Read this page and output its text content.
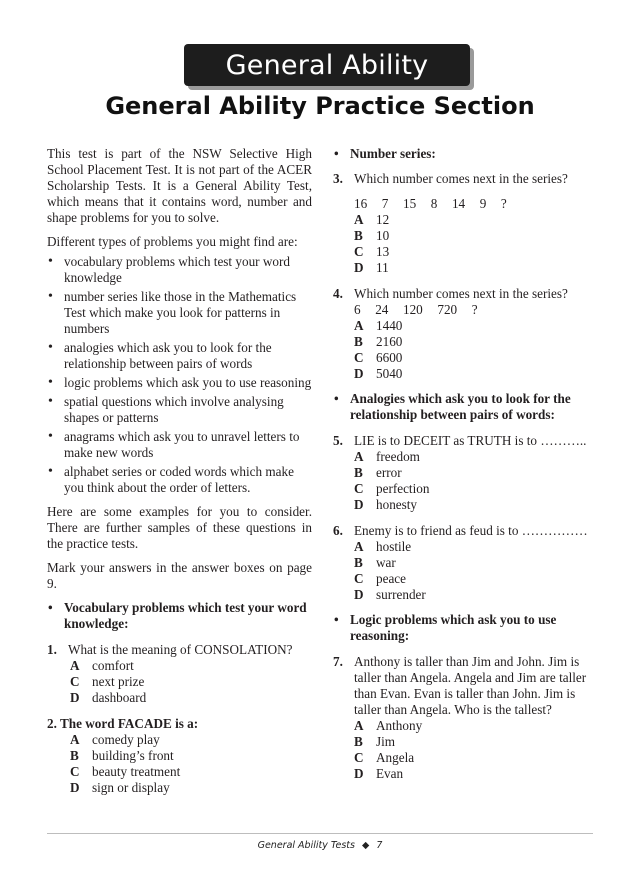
General Ability
General Ability Practice Section

This test is part of the NSW Selective High School Placement Test. It is not part of the ACER Scholarship Tests. It is a General Ability Test, which means that it contains word, number and shape problems for you to solve.

Different types of problems you might find are:

• vocabulary problems which test your word knowledge
• number series like those in the Mathematics Test which make you look for patterns in numbers
• analogies which ask you to look for the relationship between pairs of words
• logic problems which ask you to use reasoning
• spatial questions which involve analysing shapes or patterns
• anagrams which ask you to unravel letters to make new words
• alphabet series or coded words which make you think about the order of letters.

Here are some examples for you to consider. There are further samples of these questions in the practice tests.

Mark your answers in the answer boxes on page 9.

• Vocabulary problems which test your word knowledge:
1. What is the meaning of CONSOLATION?
A comfort
C next prize
D dashboard
2. The word FACADE is a:
A comedy play
B building’s front
C beauty treatment
D sign or display
• Number series:
3. Which number comes next in the series?
16  7  15  8  14  9  ?
A 12
B 10
C 13
D 11
4. Which number comes next in the series?
6  24  120  720  ?
A 1440
B 2160
C 6600
D 5040
• Analogies which ask you to look for the relationship between pairs of words:
5. LIE is to DECEIT as TRUTH is to ………..
A freedom
B error
C perfection
D honesty
6. Enemy is to friend as feud is to ……………
A hostile
B war
C peace
D surrender
• Logic problems which ask you to use reasoning:
7. Anthony is taller than Jim and John. Jim is taller than Angela. Angela and Jim are taller than Evan. Evan is taller than John. Jim is taller than Angela. Who is the tallest?
A Anthony
B Jim
C Angela
D Evan
General Ability Tests ◆ 7
